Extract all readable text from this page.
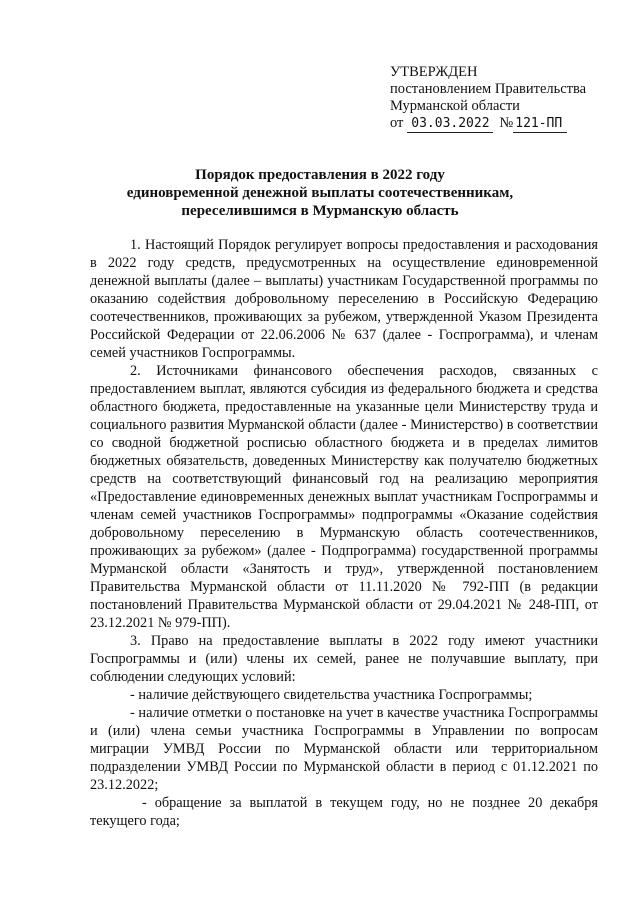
УТВЕРЖДЕН
постановлением Правительства
Мурманской области
от 03.03.2022 № 121-ПП
Порядок предоставления в 2022 году
единовременной денежной выплаты соотечественникам,
переселившимся в Мурманскую область

1. Настоящий Порядок регулирует вопросы предоставления и расходования в 2022 году средств, предусмотренных на осуществление единовременной денежной выплаты (далее – выплаты) участникам Государственной программы по оказанию содействия добровольному переселению в Российскую Федерацию соотечественников, проживающих за рубежом, утвержденной Указом Президента Российской Федерации от 22.06.2006 № 637 (далее - Госпрограмма), и членам семей участников Госпрограммы.

2. Источниками финансового обеспечения расходов, связанных с предоставлением выплат, являются субсидия из федерального бюджета и средства областного бюджета, предоставленные на указанные цели Министерству труда и социального развития Мурманской области (далее - Министерство) в соответствии со сводной бюджетной росписью областного бюджета и в пределах лимитов бюджетных обязательств, доведенных Министерству как получателю бюджетных средств на соответствующий финансовый год на реализацию мероприятия «Предоставление единовременных денежных выплат участникам Госпрограммы и членам семей участников Госпрограммы» подпрограммы «Оказание содействия добровольному переселению в Мурманскую область соотечественников, проживающих за рубежом» (далее - Подпрограмма) государственной программы Мурманской области «Занятость и труд», утвержденной постановлением Правительства Мурманской области от 11.11.2020 № 792-ПП (в редакции постановлений Правительства Мурманской области от 29.04.2021 № 248-ПП, от 23.12.2021 № 979-ПП).

3. Право на предоставление выплаты в 2022 году имеют участники Госпрограммы и (или) члены их семей, ранее не получавшие выплату, при соблюдении следующих условий:

- наличие действующего свидетельства участника Госпрограммы;

- наличие отметки о постановке на учет в качестве участника Госпрограммы и (или) члена семьи участника Госпрограммы в Управлении по вопросам миграции УМВД России по Мурманской области или территориальном подразделении УМВД России по Мурманской области в период с 01.12.2021 по 23.12.2022;

- обращение за выплатой в текущем году, но не позднее 20 декабря текущего года;
